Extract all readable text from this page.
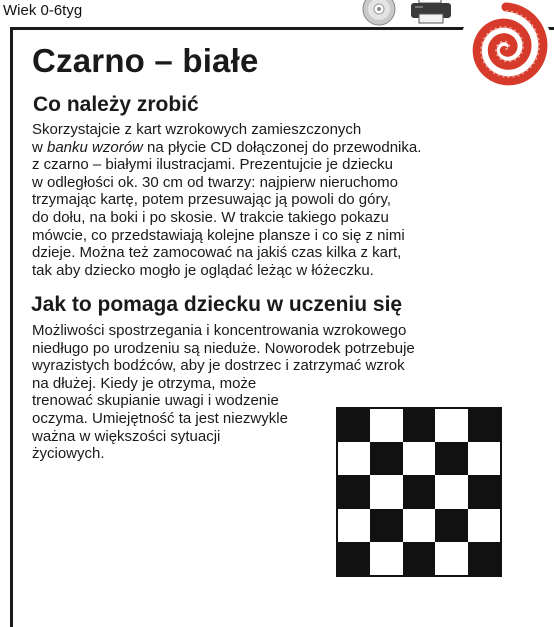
Wiek 0-6tyg
Czarno – białe
Co należy zrobić

Skorzystajcie z kart wzrokowych zamieszczonych
w banku wzorów na płycie CD dołączonej do przewodnika.
z czarno – białymi ilustracjami. Prezentujcie je dziecku
w odległości ok. 30 cm od twarzy: najpierw nieruchomo
trzymając kartę, potem przesuwając ją powoli do góry,
do dołu, na boki i po skosie. W trakcie takiego pokazu
mówcie, co przedstawiają kolejne plansze i co się z nimi
dzieje. Można też zamocować na jakiś czas kilka z kart,
tak aby dziecko mogło je oglądać leżąc w łóżeczku.

Jak to pomaga dziecku w uczeniu się

Możliwości spostrzegania i koncentrowania wzrokowego
niedługo po urodzeniu są nieduże. Noworodek potrzebuje
wyrazistych bodźców, aby je dostrzec i zatrzymać wzrok
na dłużej. Kiedy je otrzyma, może
trenować skupianie uwagi i wodzenie
oczyma. Umiejętność ta jest niezwykle
ważna w większości sytuacji
życiowych.
